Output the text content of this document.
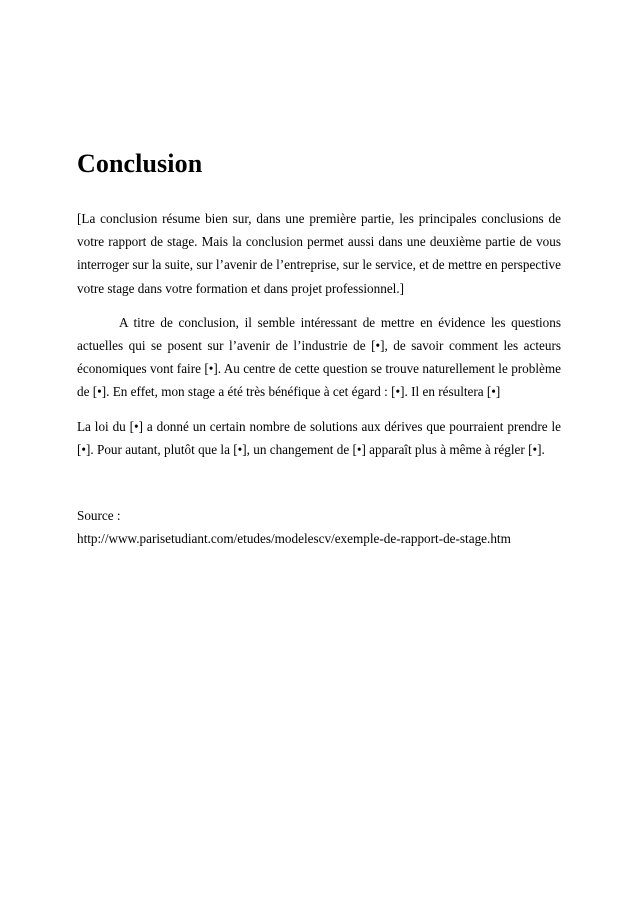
Conclusion

[La conclusion résume bien sur, dans une première partie, les principales conclusions de votre rapport de stage. Mais la conclusion permet aussi dans une deuxième partie de vous interroger sur la suite, sur l’avenir de l’entreprise, sur le service, et de mettre en perspective votre stage dans votre formation et dans projet professionnel.]

A titre de conclusion, il semble intéressant de mettre en évidence les questions actuelles qui se posent sur l’avenir de l’industrie de [•], de savoir comment les acteurs économiques vont faire [•]. Au centre de cette question se trouve naturellement le problème de [•]. En effet, mon stage a été très bénéfique à cet égard : [•]. Il en résultera [•]

La loi du [•] a donné un certain nombre de solutions aux dérives que pourraient prendre le [•]. Pour autant, plutôt que la [•], un changement de [•] apparaît plus à même à régler [•].

Source :
http://www.parisetudiant.com/etudes/modelescv/exemple-de-rapport-de-stage.htm
